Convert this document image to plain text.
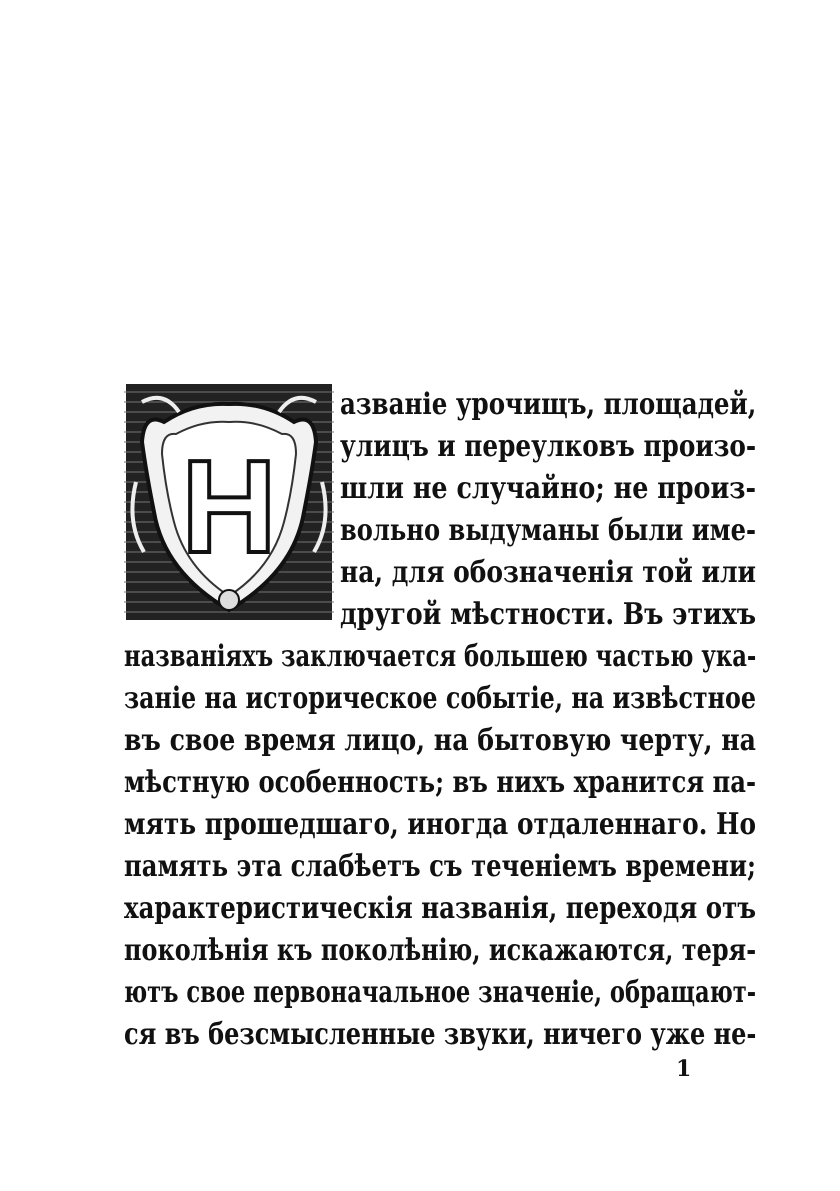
Н
азваніе урочищъ, площадей,
улицъ и переулковъ произо-
шли не случайно; не произ-
вольно выдуманы были име-
на, для обозначенія той или
другой мѣстности. Въ этихъ
названіяхъ заключается большею частью ука-
заніе на историческое событіе, на извѣстное
въ свое время лицо, на бытовую черту, на
мѣстную особенность; въ нихъ хранится па-
мять прошедшаго, иногда отдаленнаго. Но
память эта слабѣетъ съ теченіемъ времени;
характеристическія названія, переходя отъ
поколѣнія къ поколѣнію, искажаются, теря-
ютъ свое первоначальное значеніе, обращают-
ся въ безсмысленные звуки, ничего уже не-
1
